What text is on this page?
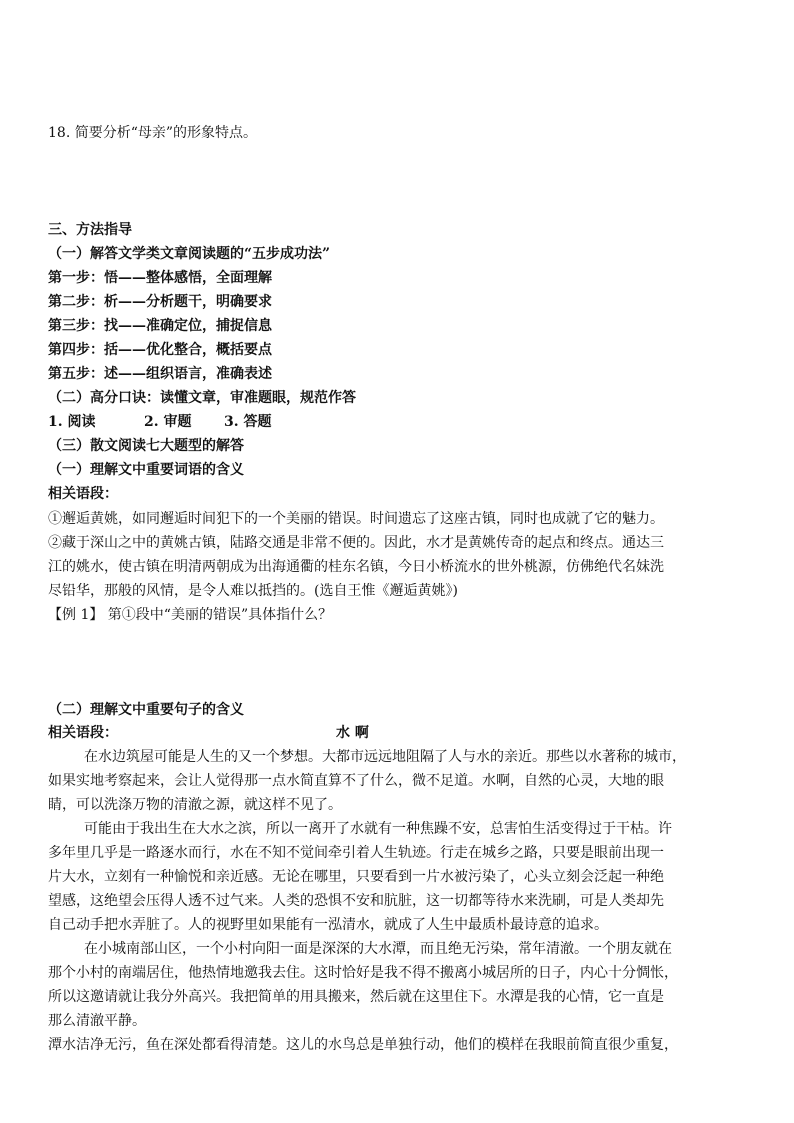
18. 简要分析“母亲”的形象特点。
三、方法指导
（一）解答文学类文章阅读题的“五步成功法”
第一步：悟——整体感悟，全面理解
第二步：析——分析题干，明确要求
第三步：找——准确定位，捕捉信息
第四步：括——优化整合，概括要点
第五步：述——组织语言，准确表述
（二）高分口诀：读懂文章，审准题眼，规范作答
1. 阅读	2. 审题 3. 答题
（三）散文阅读七大题型的解答
（一）理解文中重要词语的含义
相关语段：
①邂逅黄姚，如同邂逅时间犯下的一个美丽的错误。时间遗忘了这座古镇，同时也成就了它的魅力。
②藏于深山之中的黄姚古镇，陆路交通是非常不便的。因此，水才是黄姚传奇的起点和终点。通达三
江的姚水，使古镇在明清两朝成为出海通衢的桂东名镇，今日小桥流水的世外桃源，仿佛绝代名妹洗
尽铅华，那般的风情，是令人难以抵挡的。(选自王惟《邂逅黄姚》)
【例 1】 第①段中“美丽的错误”具体指什么？
（二）理解文中重要句子的含义
相关语段：	水 啊
在水边筑屋可能是人生的又一个梦想。大都市远远地阻隔了人与水的亲近。那些以水著称的城市，
如果实地考察起来，会让人觉得那一点水简直算不了什么，微不足道。水啊，自然的心灵，大地的眼
睛，可以洗涤万物的清澈之源，就这样不见了。
可能由于我出生在大水之滨，所以一离开了水就有一种焦躁不安，总害怕生活变得过于干枯。许
多年里几乎是一路逐水而行，水在不知不觉间牵引着人生轨迹。行走在城乡之路，只要是眼前出现一
片大水，立刻有一种愉悦和亲近感。无论在哪里，只要看到一片水被污染了，心头立刻会泛起一种绝
望感，这绝望会压得人透不过气来。人类的恐惧不安和肮脏，这一切都等待水来洗刷，可是人类却先
自己动手把水弄脏了。人的视野里如果能有一泓清水，就成了人生中最质朴最诗意的追求。
在小城南部山区，一个小村向阳一面是深深的大水潭，而且绝无污染，常年清澈。一个朋友就在
那个小村的南端居住，他热情地邀我去住。这时恰好是我不得不搬离小城居所的日子，内心十分惆怅，
所以这邀请就让我分外高兴。我把简单的用具搬来，然后就在这里住下。水潭是我的心情，它一直是
那么清澈平静。
潭水洁净无污，鱼在深处都看得清楚。这儿的水鸟总是单独行动，他们的模样在我眼前简直很少重复，
